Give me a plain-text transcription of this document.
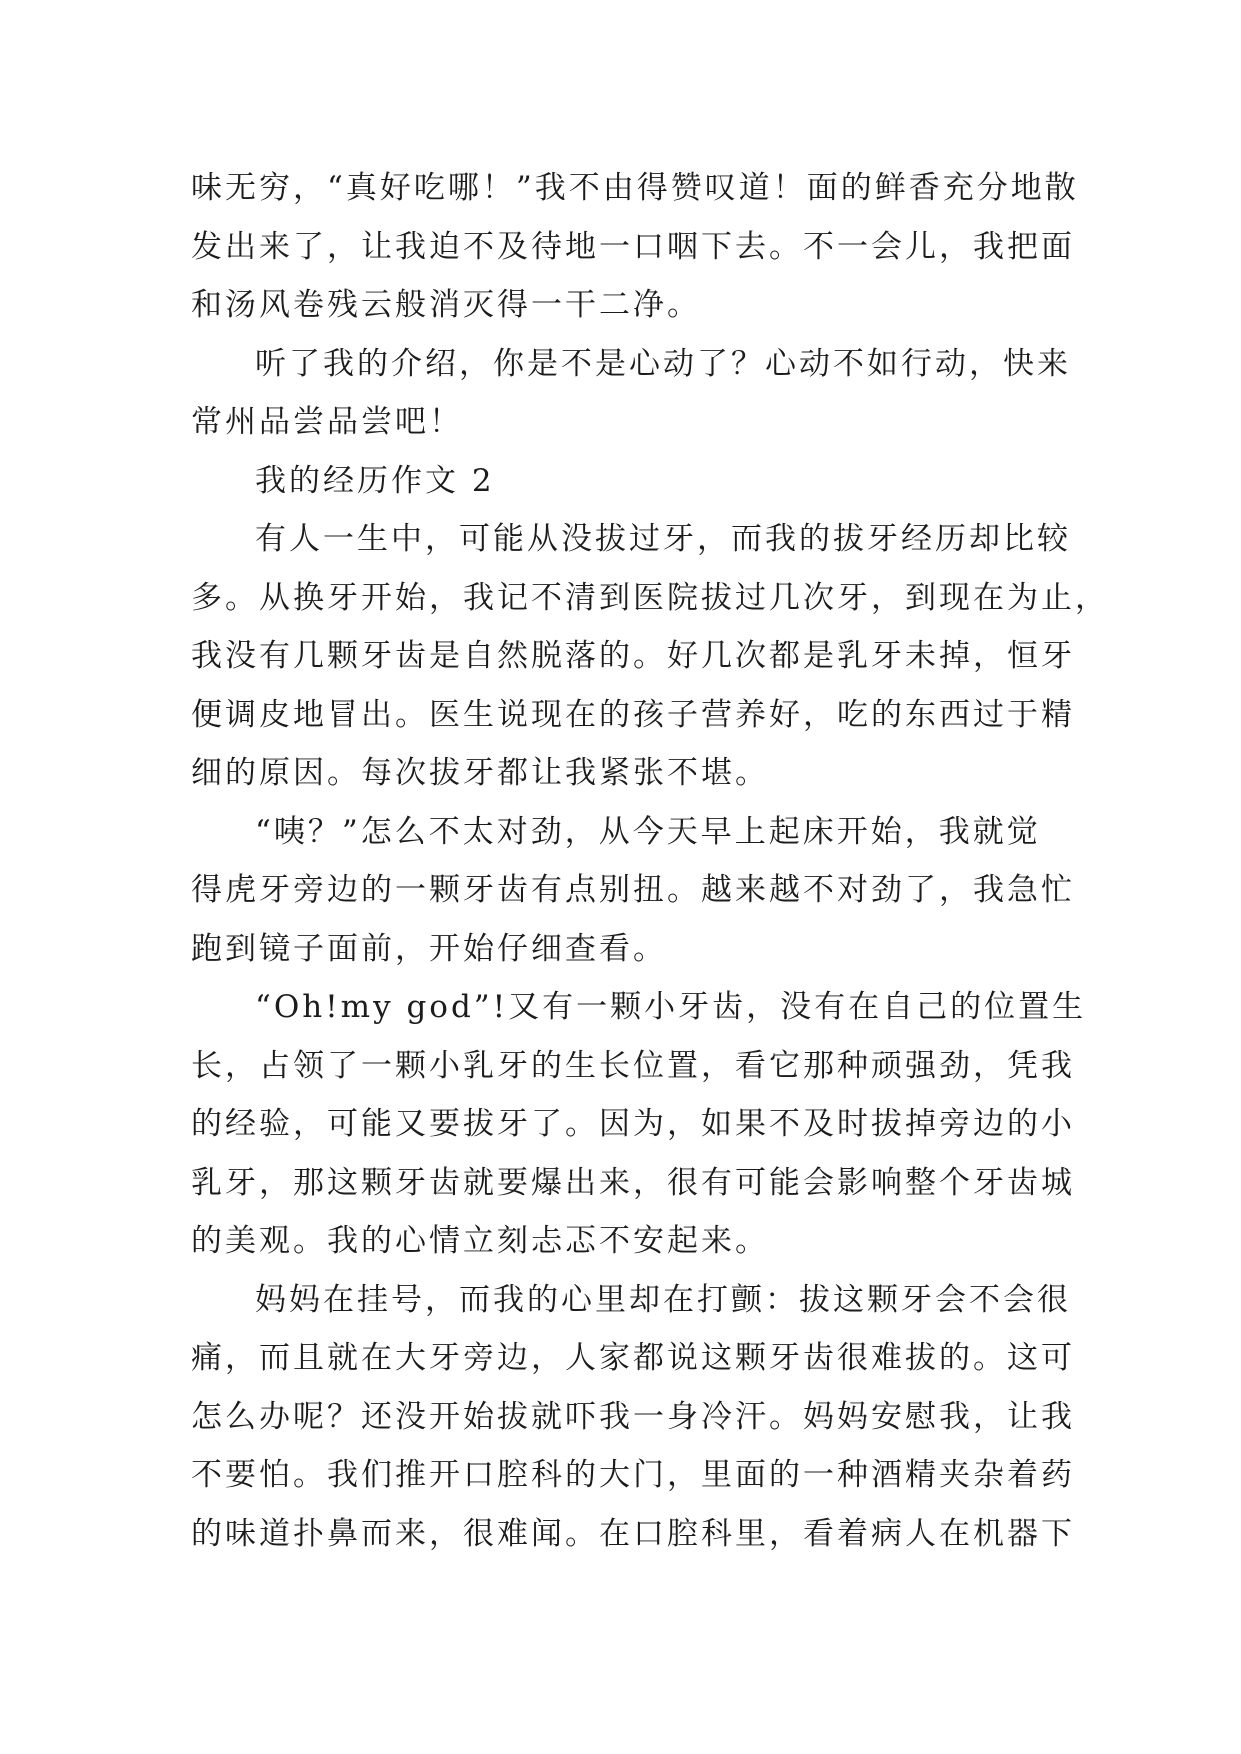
味无穷，“真好吃哪！”我不由得赞叹道！面的鲜香充分地散
发出来了，让我迫不及待地一口咽下去。不一会儿，我把面
和汤风卷残云般消灭得一干二净。
听了我的介绍，你是不是心动了？心动不如行动，快来
常州品尝品尝吧！
我的经历作文 2
有人一生中，可能从没拔过牙，而我的拔牙经历却比较
多。从换牙开始，我记不清到医院拔过几次牙，到现在为止，
我没有几颗牙齿是自然脱落的。好几次都是乳牙未掉，恒牙
便调皮地冒出。医生说现在的孩子营养好，吃的东西过于精
细的原因。每次拔牙都让我紧张不堪。
“咦？”怎么不太对劲，从今天早上起床开始，我就觉
得虎牙旁边的一颗牙齿有点别扭。越来越不对劲了，我急忙
跑到镜子面前，开始仔细查看。
“Oh!my god”!又有一颗小牙齿，没有在自己的位置生
长，占领了一颗小乳牙的生长位置，看它那种顽强劲，凭我
的经验，可能又要拔牙了。因为，如果不及时拔掉旁边的小
乳牙，那这颗牙齿就要爆出来，很有可能会影响整个牙齿城
的美观。我的心情立刻忐忑不安起来。
妈妈在挂号，而我的心里却在打颤：拔这颗牙会不会很
痛，而且就在大牙旁边，人家都说这颗牙齿很难拔的。这可
怎么办呢？还没开始拔就吓我一身冷汗。妈妈安慰我，让我
不要怕。我们推开口腔科的大门，里面的一种酒精夹杂着药
的味道扑鼻而来，很难闻。在口腔科里，看着病人在机器下
